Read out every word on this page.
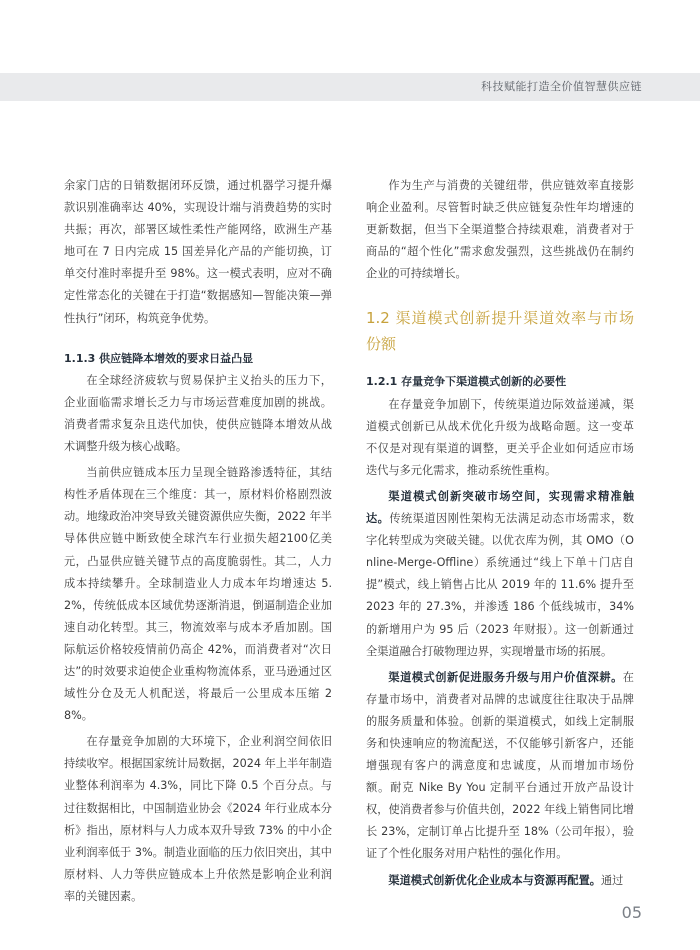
科技赋能打造全价值智慧供应链

余家门店的日销数据闭环反馈，通过机器学习提升爆款识别准确率达 40%，实现设计端与消费趋势的实时共振；再次，部署区域性柔性产能网络，欧洲生产基地可在 7 日内完成 15 国差异化产品的产能切换，订单交付准时率提升至 98%。这一模式表明，应对不确定性常态化的关键在于打造“数据感知—智能决策—弹性执行”闭环，构筑竞争优势。

1.1.3 供应链降本增效的要求日益凸显

在全球经济疲软与贸易保护主义抬头的压力下，企业面临需求增长乏力与市场运营难度加剧的挑战。消费者需求复杂且迭代加快，使供应链降本增效从战术调整升级为核心战略。

当前供应链成本压力呈现全链路渗透特征，其结构性矛盾体现在三个维度：其一，原材料价格剧烈波动。地缘政治冲突导致关键资源供应失衡，2022 年半导体供应链中断致使全球汽车行业损失超2100亿美元，凸显供应链关键节点的高度脆弱性。其二，人力成本持续攀升。全球制造业人力成本年均增速达 5.2%，传统低成本区域优势逐渐消退，倒逼制造企业加速自动化转型。其三，物流效率与成本矛盾加剧。国际航运价格较疫情前仍高企 42%，而消费者对“次日达”的时效要求迫使企业重构物流体系，亚马逊通过区域性分仓及无人机配送，将最后一公里成本压缩 28%。

在存量竞争加剧的大环境下，企业利润空间依旧持续收窄。根据国家统计局数据，2024 年上半年制造业整体利润率为 4.3%，同比下降 0.5 个百分点。与过往数据相比，中国制造业协会《2024 年行业成本分析》指出，原材料与人力成本双升导致 73% 的中小企业利润率低于 3%。制造业面临的压力依旧突出，其中原材料、人力等供应链成本上升依然是影响企业利润率的关键因素。

作为生产与消费的关键纽带，供应链效率直接影响企业盈利。尽管暂时缺乏供应链复杂性年均增速的更新数据，但当下全渠道整合持续艰难，消费者对于商品的“超个性化”需求愈发强烈，这些挑战仍在制约企业的可持续增长。

1.2 渠道模式创新提升渠道效率与市场份额

1.2.1 存量竞争下渠道模式创新的必要性

在存量竞争加剧下，传统渠道边际效益递减，渠道模式创新已从战术优化升级为战略命题。这一变革不仅是对现有渠道的调整，更关乎企业如何适应市场迭代与多元化需求，推动系统性重构。

渠道模式创新突破市场空间，实现需求精准触达。传统渠道因刚性架构无法满足动态市场需求，数字化转型成为突破关键。以优衣库为例，其 OMO（Online-Merge-Offline）系统通过“线上下单＋门店自提”模式，线上销售占比从 2019 年的 11.6% 提升至 2023 年的 27.3%，并渗透 186 个低线城市，34% 的新增用户为 95 后（2023 年财报）。这一创新通过全渠道融合打破物理边界，实现增量市场的拓展。

渠道模式创新促进服务升级与用户价值深耕。在存量市场中，消费者对品牌的忠诚度往往取决于品牌的服务质量和体验。创新的渠道模式，如线上定制服务和快速响应的物流配送，不仅能够引新客户，还能增强现有客户的满意度和忠诚度，从而增加市场份额。耐克 Nike By You 定制平台通过开放产品设计权，使消费者参与价值共创，2022 年线上销售同比增长 23%，定制订单占比提升至 18%（公司年报），验证了个性化服务对用户粘性的强化作用。

渠道模式创新优化企业成本与资源再配置。通过

05
